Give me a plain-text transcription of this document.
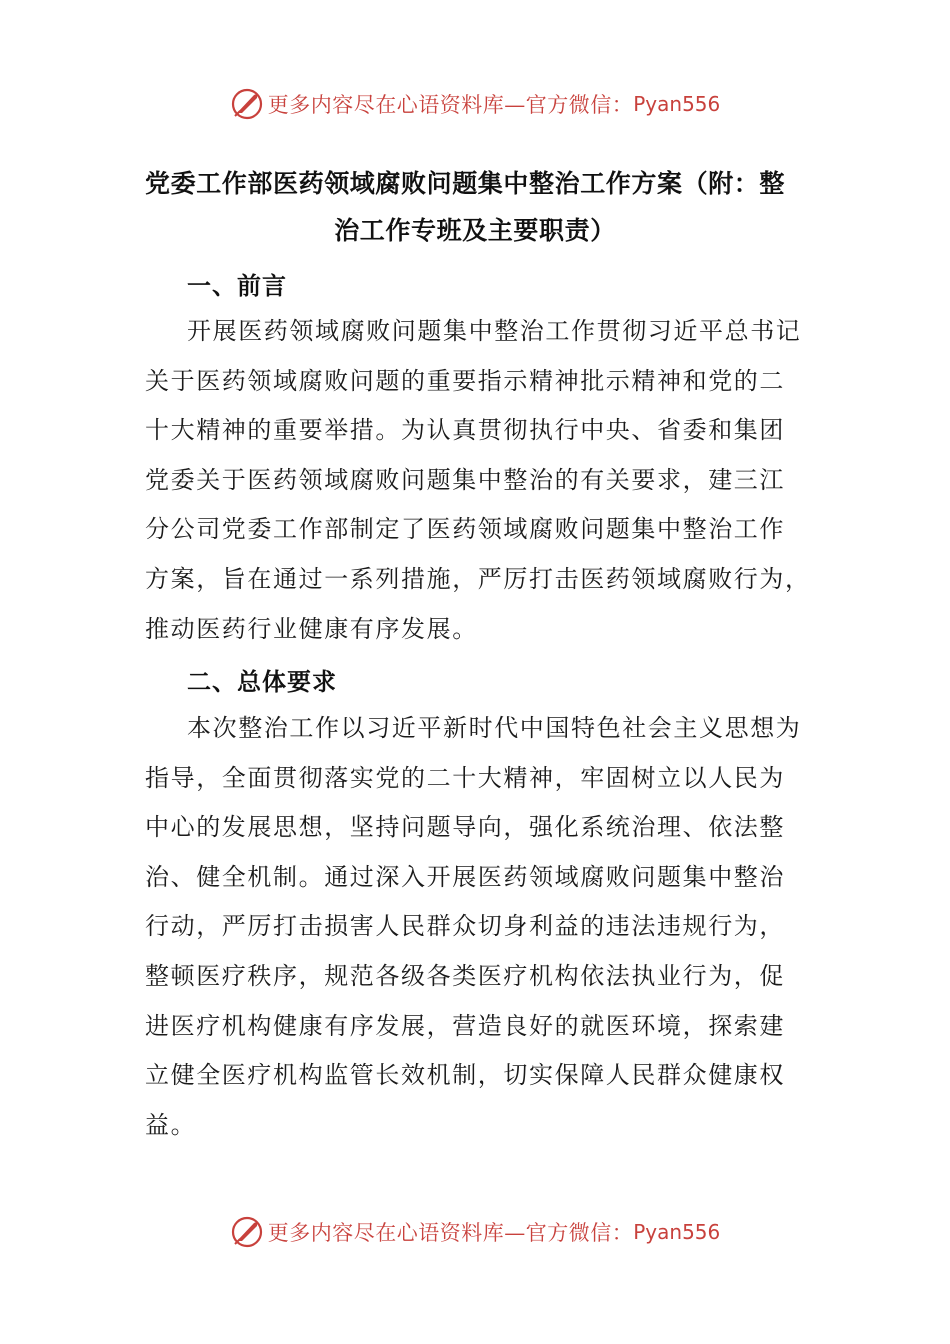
更多内容尽在心语资料库—官方微信： Pyan556
党委工作部医药领域腐败问题集中整治工作方案（附：整
治工作专班及主要职责）
一、前言
开展医药领域腐败问题集中整治工作贯彻习近平总书记
关于医药领域腐败问题的重要指示精神批示精神和党的二
十大精神的重要举措。为认真贯彻执行中央、省委和集团
党委关于医药领域腐败问题集中整治的有关要求，建三江
分公司党委工作部制定了医药领域腐败问题集中整治工作
方案，旨在通过一系列措施，严厉打击医药领域腐败行为，
推动医药行业健康有序发展。
二、总体要求
本次整治工作以习近平新时代中国特色社会主义思想为
指导，全面贯彻落实党的二十大精神，牢固树立以人民为
中心的发展思想，坚持问题导向，强化系统治理、依法整
治、健全机制。通过深入开展医药领域腐败问题集中整治
行动，严厉打击损害人民群众切身利益的违法违规行为，
整顿医疗秩序，规范各级各类医疗机构依法执业行为，促
进医疗机构健康有序发展，营造良好的就医环境，探索建
立健全医疗机构监管长效机制，切实保障人民群众健康权
益。
更多内容尽在心语资料库—官方微信： Pyan556
